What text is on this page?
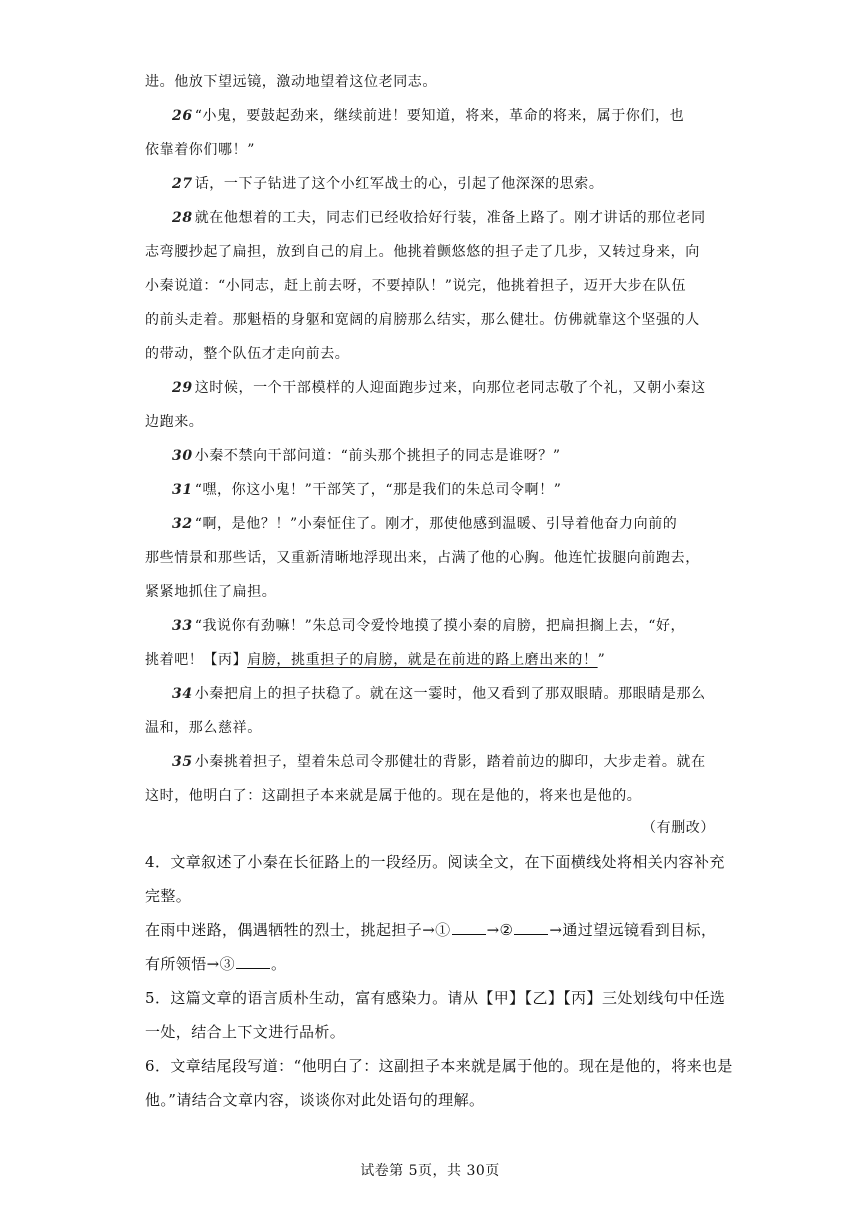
进。他放下望远镜，激动地望着这位老同志。
26 “小鬼，要鼓起劲来，继续前进！要知道，将来，革命的将来，属于你们，也
依靠着你们哪！”
27 话，一下子钻进了这个小红军战士的心，引起了他深深的思索。
28 就在他想着的工夫，同志们已经收拾好行装，准备上路了。刚才讲话的那位老同
志弯腰抄起了扁担，放到自己的肩上。他挑着颤悠悠的担子走了几步，又转过身来，向
小秦说道：“小同志，赶上前去呀，不要掉队！”说完，他挑着担子，迈开大步在队伍
的前头走着。那魁梧的身躯和宽阔的肩膀那么结实，那么健壮。仿佛就靠这个坚强的人
的带动，整个队伍才走向前去。
29 这时候，一个干部模样的人迎面跑步过来，向那位老同志敬了个礼，又朝小秦这
边跑来。
30 小秦不禁向干部问道：“前头那个挑担子的同志是谁呀？”
31 “嘿，你这小鬼！”干部笑了，“那是我们的朱总司令啊！”
32 “啊，是他？！”小秦怔住了。刚才，那使他感到温暖、引导着他奋力向前的
那些情景和那些话，又重新清晰地浮现出来，占满了他的心胸。他连忙拔腿向前跑去，
紧紧地抓住了扁担。
33 “我说你有劲嘛！”朱总司令爱怜地摸了摸小秦的肩膀，把扁担搁上去，“好，
挑着吧！【丙】肩膀，挑重担子的肩膀，就是在前进的路上磨出来的！”
34 小秦把肩上的担子扶稳了。就在这一霎时，他又看到了那双眼睛。那眼睛是那么
温和，那么慈祥。
35 小秦挑着担子，望着朱总司令那健壮的背影，踏着前边的脚印，大步走着。就在
这时，他明白了：这副担子本来就是属于他的。现在是他的，将来也是他的。
（有删改）
4．文章叙述了小秦在长征路上的一段经历。阅读全文，在下面横线处将相关内容补充
完整。
在雨中迷路，偶遇牺牲的烈士，挑起担子→① →② →通过望远镜看到目标，
有所领悟→③ 。
5．这篇文章的语言质朴生动，富有感染力。请从【甲】【乙】【丙】三处划线句中任选
一处，结合上下文进行品析。
6．文章结尾段写道：“他明白了：这副担子本来就是属于他的。现在是他的，将来也是
他。”请结合文章内容，谈谈你对此处语句的理解。
试卷第 5页，共 30页
